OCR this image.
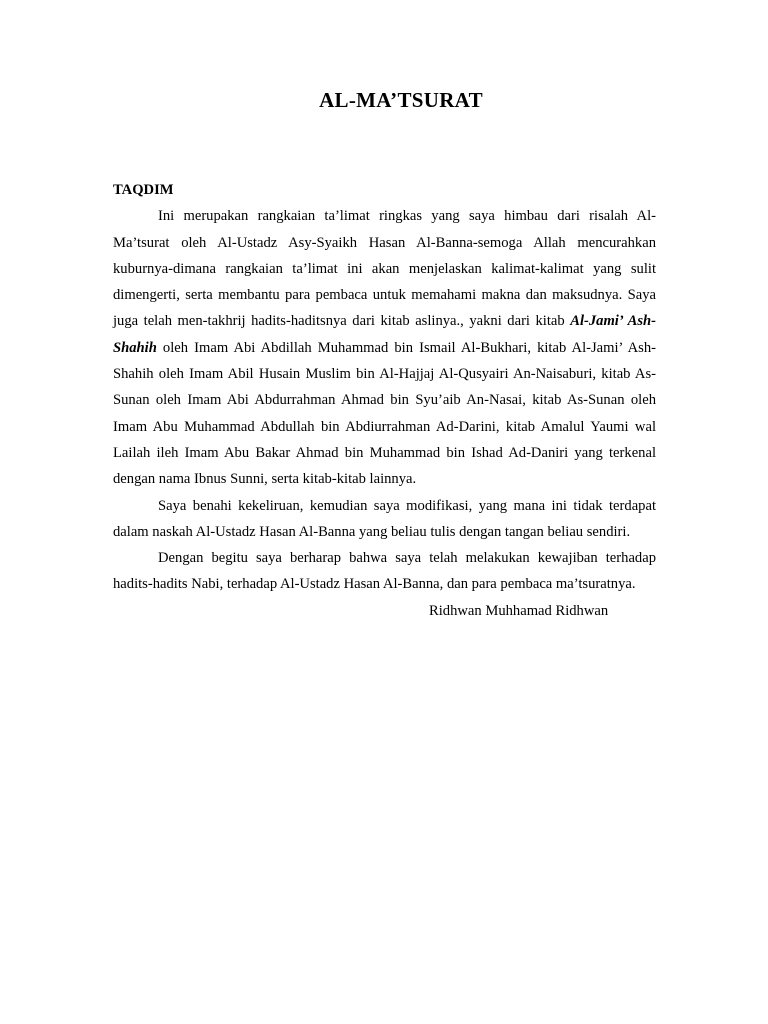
AL-MA’TSURAT

TAQDIM

Ini merupakan rangkaian ta’limat ringkas yang saya himbau dari risalah Al-Ma’tsurat oleh Al-Ustadz Asy-Syaikh Hasan Al-Banna-semoga Allah mencurahkan kuburnya-dimana rangkaian ta’limat ini akan menjelaskan kalimat-kalimat yang sulit dimengerti, serta membantu para pembaca untuk memahami makna dan maksudnya. Saya juga telah men-takhrij hadits-haditsnya dari kitab aslinya., yakni dari kitab Al-Jami’ Ash-Shahih oleh Imam Abi Abdillah Muhammad bin Ismail Al-Bukhari, kitab Al-Jami’ Ash-Shahih oleh Imam Abil Husain Muslim bin Al-Hajjaj Al-Qusyairi An-Naisaburi, kitab As-Sunan oleh Imam Abi Abdurrahman Ahmad bin Syu’aib An-Nasai, kitab As-Sunan oleh Imam Abu Muhammad Abdullah bin Abdiurrahman Ad-Darini, kitab Amalul Yaumi wal Lailah ileh Imam Abu Bakar Ahmad bin Muhammad bin Ishad Ad-Daniri yang terkenal dengan nama Ibnus Sunni, serta kitab-kitab lainnya.

Saya benahi kekeliruan, kemudian saya modifikasi, yang mana ini tidak terdapat dalam naskah Al-Ustadz Hasan Al-Banna yang beliau tulis dengan tangan beliau sendiri.

Dengan begitu saya berharap bahwa saya telah melakukan kewajiban terhadap hadits-hadits Nabi, terhadap Al-Ustadz Hasan Al-Banna, dan para pembaca ma’tsuratnya.

Ridhwan Muhhamad Ridhwan
